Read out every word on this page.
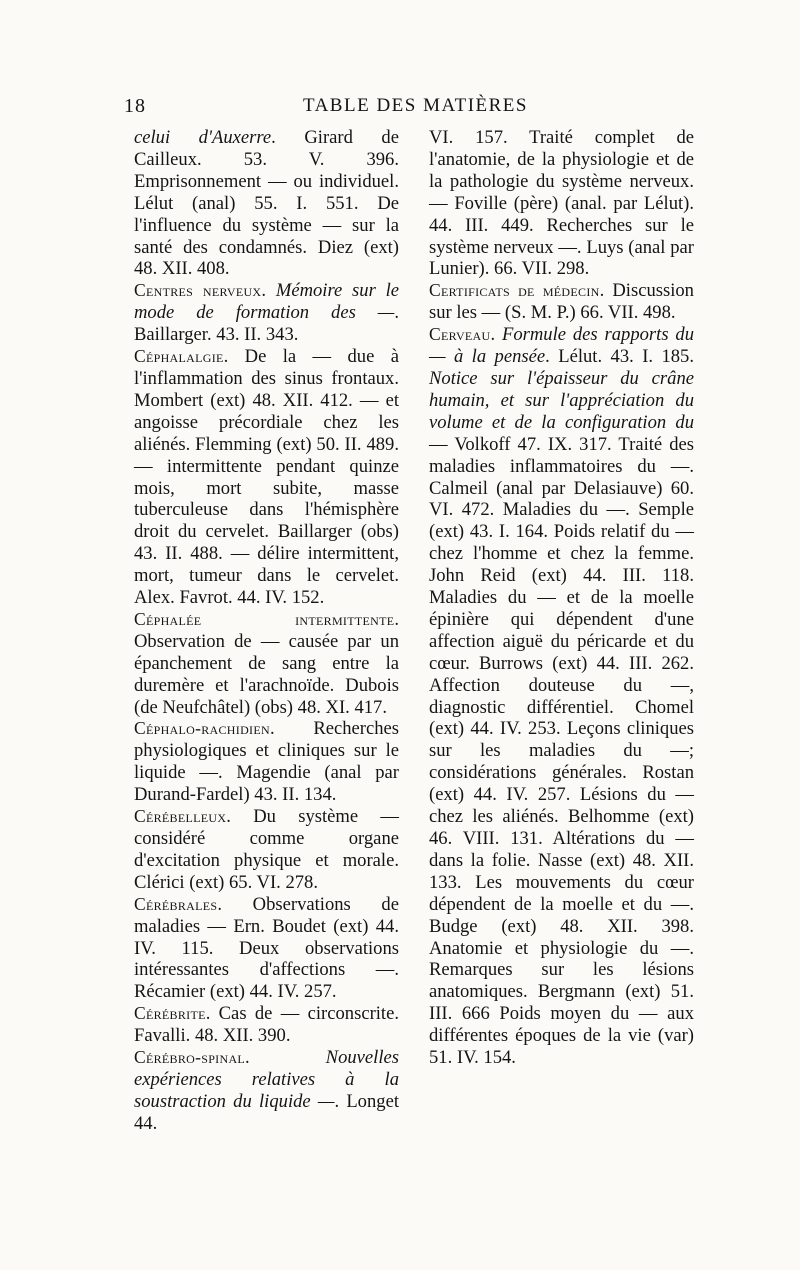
18	TABLE DES MATIÈRES

celui d'Auxerre. Girard de Cailleux. 53. V. 396. Emprisonnement — ou individuel. Lélut (anal) 55. I. 551. De l'influence du système — sur la santé des condamnés. Diez (ext) 48. XII. 408.

Centres nerveux. Mémoire sur le mode de formation des —. Baillarger. 43. II. 343.

Céphalalgie. De la — due à l'inflammation des sinus frontaux. Mombert (ext) 48. XII. 412. — et angoisse précordiale chez les aliénés. Flemming (ext) 50. II. 489. — intermittente pendant quinze mois, mort subite, masse tuberculeuse dans l'hémisphère droit du cervelet. Baillarger (obs) 43. II. 488. — délire intermittent, mort, tumeur dans le cervelet. Alex. Favrot. 44. IV. 152.

Céphalée intermittente. Observation de — causée par un épanchement de sang entre la duremère et l'arachnoïde. Dubois (de Neufchâtel) (obs) 48. XI. 417.

Céphalo-rachidien. Recherches physiologiques et cliniques sur le liquide —. Magendie (anal par Durand-Fardel) 43. II. 134.

Cérébelleux. Du système — considéré comme organe d'excitation physique et morale. Clérici (ext) 65. VI. 278.

Cérébrales. Observations de maladies — Ern. Boudet (ext) 44. IV. 115. Deux observations intéressantes d'affections —. Récamier (ext) 44. IV. 257.

Cérébrite. Cas de — circonscrite. Favalli. 48. XII. 390.

Cérébro-spinal. Nouvelles expériences relatives à la soustraction du liquide —. Longet 44.

VI. 157. Traité complet de l'anatomie, de la physiologie et de la pathologie du système nerveux. — Foville (père) (anal. par Lélut). 44. III. 449. Recherches sur le système nerveux —. Luys (anal par Lunier). 66. VII. 298.

Certificats de médecin. Discussion sur les — (S. M. P.) 66. VII. 498.

Cerveau. Formule des rapports du — à la pensée. Lélut. 43. I. 185. Notice sur l'épaisseur du crâne humain, et sur l'appréciation du volume et de la configuration du — Volkoff 47. IX. 317. Traité des maladies inflammatoires du —. Calmeil (anal par Delasiauve) 60. VI. 472. Maladies du —. Semple (ext) 43. I. 164. Poids relatif du — chez l'homme et chez la femme. John Reid (ext) 44. III. 118. Maladies du — et de la moelle épinière qui dépendent d'une affection aiguë du péricarde et du cœur. Burrows (ext) 44. III. 262. Affection douteuse du —, diagnostic différentiel. Chomel (ext) 44. IV. 253. Leçons cliniques sur les maladies du —; considérations générales. Rostan (ext) 44. IV. 257. Lésions du — chez les aliénés. Belhomme (ext) 46. VIII. 131. Altérations du — dans la folie. Nasse (ext) 48. XII. 133. Les mouvements du cœur dépendent de la moelle et du —. Budge (ext) 48. XII. 398. Anatomie et physiologie du —. Remarques sur les lésions anatomiques. Bergmann (ext) 51. III. 666 Poids moyen du — aux différentes époques de la vie (var) 51. IV. 154.
